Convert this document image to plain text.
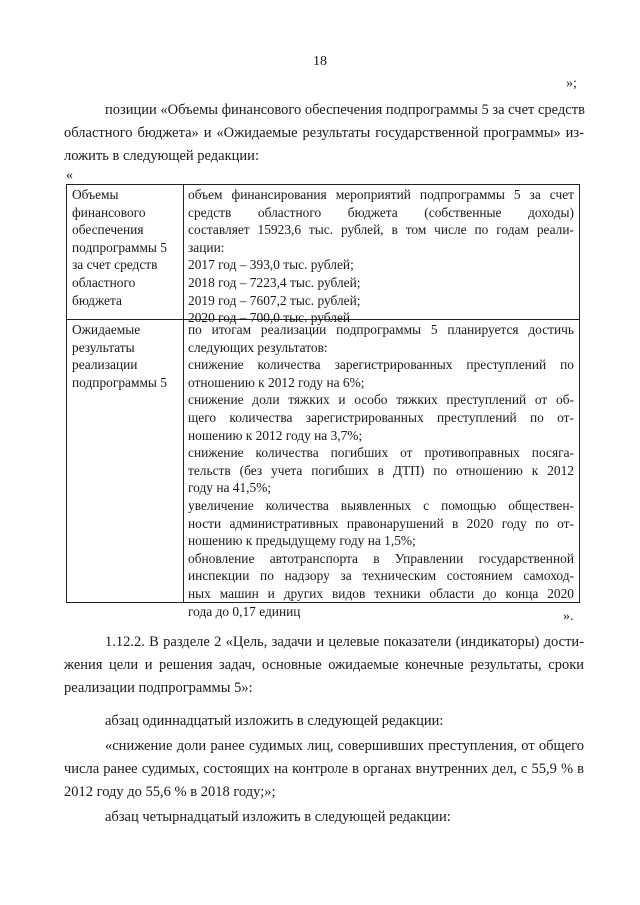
18
»;
позиции «Объемы финансового обеспечения подпрограммы 5 за счет средств
областного бюджета» и «Ожидаемые результаты государственной программы» из-
ложить в следующей редакции:
«
Объемы
финансового
обеспечения
подпрограммы 5
за счет средств
областного
бюджета
объем финансирования мероприятий подпрограммы 5 за счет
средств областного бюджета (собственные доходы)
составляет 15923,6 тыс. рублей, в том числе по годам реали-
зации:
2017 год – 393,0 тыс. рублей;
2018 год – 7223,4 тыс. рублей;
2019 год – 7607,2 тыс. рублей;
2020 год – 700,0 тыс. рублей
Ожидаемые
результаты
реализации
подпрограммы 5
по итогам реализации подпрограммы 5 планируется достичь
следующих результатов:
снижение количества зарегистрированных преступлений по
отношению к 2012 году на 6%;
снижение доли тяжких и особо тяжких преступлений от об-
щего количества зарегистрированных преступлений по от-
ношению к 2012 году на 3,7%;
снижение количества погибших от противоправных посяга-
тельств (без учета погибших в ДТП) по отношению к 2012
году на 41,5%;
увеличение количества выявленных с помощью обществен-
ности административных правонарушений в 2020 году по от-
ношению к предыдущему году на 1,5%;
обновление автотранспорта в Управлении государственной
инспекции по надзору за техническим состоянием самоход-
ных машин и других видов техники области до конца 2020
года до 0,17 единиц	».
1.12.2. В разделе 2 «Цель, задачи и целевые показатели (индикаторы) дости-
жения цели и решения задач, основные ожидаемые конечные результаты, сроки
реализации подпрограммы 5»:
абзац одиннадцатый изложить в следующей редакции:
«снижение доли ранее судимых лиц, совершивших преступления, от общего
числа ранее судимых, состоящих на контроле в органах внутренних дел, с 55,9 % в
2012 году до 55,6 % в 2018 году;»;
абзац четырнадцатый изложить в следующей редакции:
